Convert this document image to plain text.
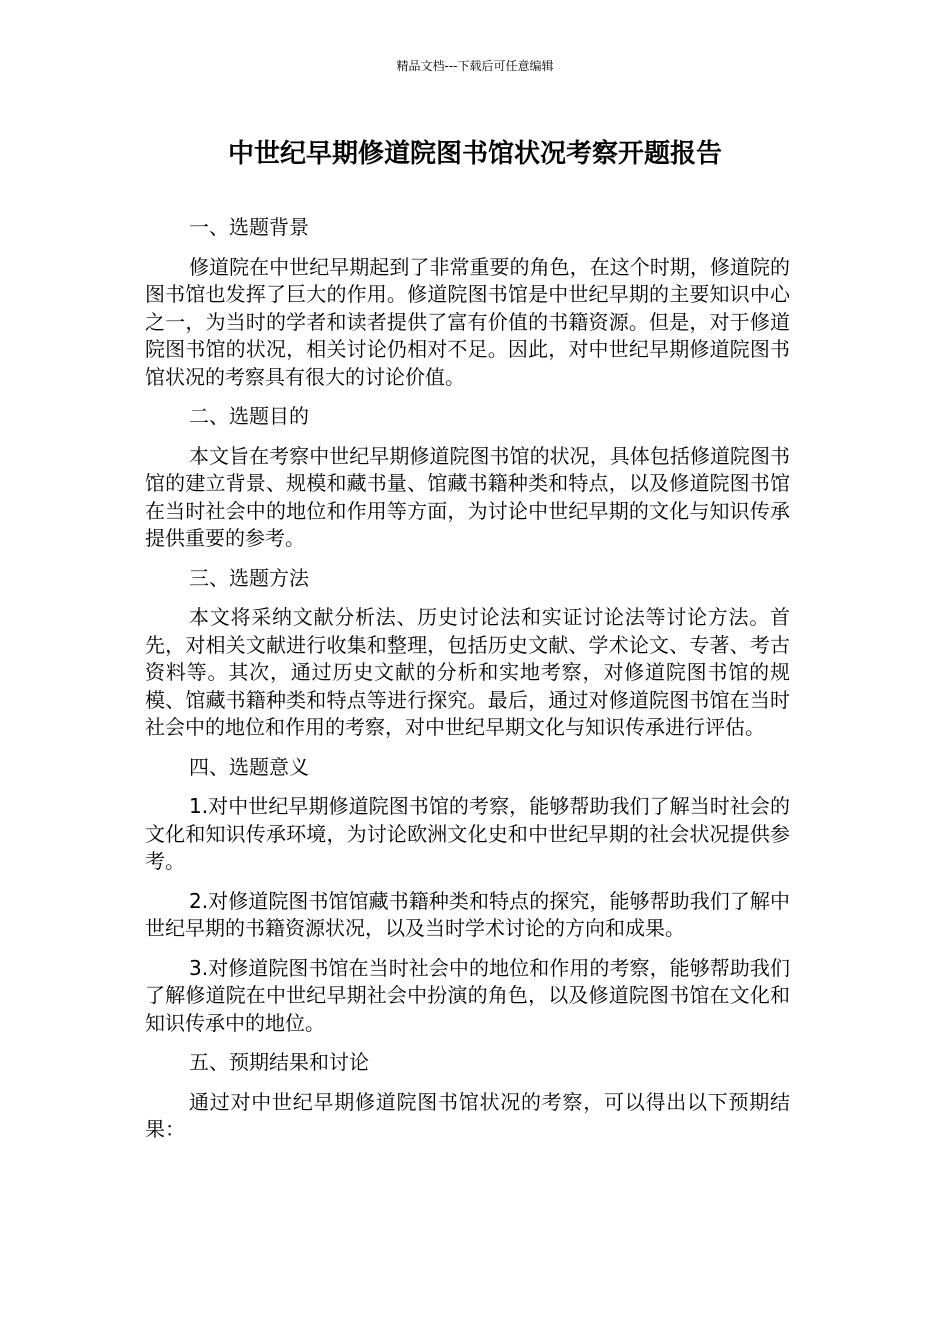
精品文档---下载后可任意编辑
中世纪早期修道院图书馆状况考察开题报告

一、选题背景

修道院在中世纪早期起到了非常重要的角色，在这个时期，修道院的图书馆也发挥了巨大的作用。修道院图书馆是中世纪早期的主要知识中心之一，为当时的学者和读者提供了富有价值的书籍资源。但是，对于修道院图书馆的状况，相关讨论仍相对不足。因此，对中世纪早期修道院图书馆状况的考察具有很大的讨论价值。

二、选题目的

本文旨在考察中世纪早期修道院图书馆的状况，具体包括修道院图书馆的建立背景、规模和藏书量、馆藏书籍种类和特点，以及修道院图书馆在当时社会中的地位和作用等方面，为讨论中世纪早期的文化与知识传承提供重要的参考。

三、选题方法

本文将采纳文献分析法、历史讨论法和实证讨论法等讨论方法。首先，对相关文献进行收集和整理，包括历史文献、学术论文、专著、考古资料等。其次，通过历史文献的分析和实地考察，对修道院图书馆的规模、馆藏书籍种类和特点等进行探究。最后，通过对修道院图书馆在当时社会中的地位和作用的考察，对中世纪早期文化与知识传承进行评估。

四、选题意义

1.对中世纪早期修道院图书馆的考察，能够帮助我们了解当时社会的文化和知识传承环境，为讨论欧洲文化史和中世纪早期的社会状况提供参考。

2.对修道院图书馆馆藏书籍种类和特点的探究，能够帮助我们了解中世纪早期的书籍资源状况，以及当时学术讨论的方向和成果。

3.对修道院图书馆在当时社会中的地位和作用的考察，能够帮助我们了解修道院在中世纪早期社会中扮演的角色，以及修道院图书馆在文化和知识传承中的地位。

五、预期结果和讨论

通过对中世纪早期修道院图书馆状况的考察，可以得出以下预期结果：
